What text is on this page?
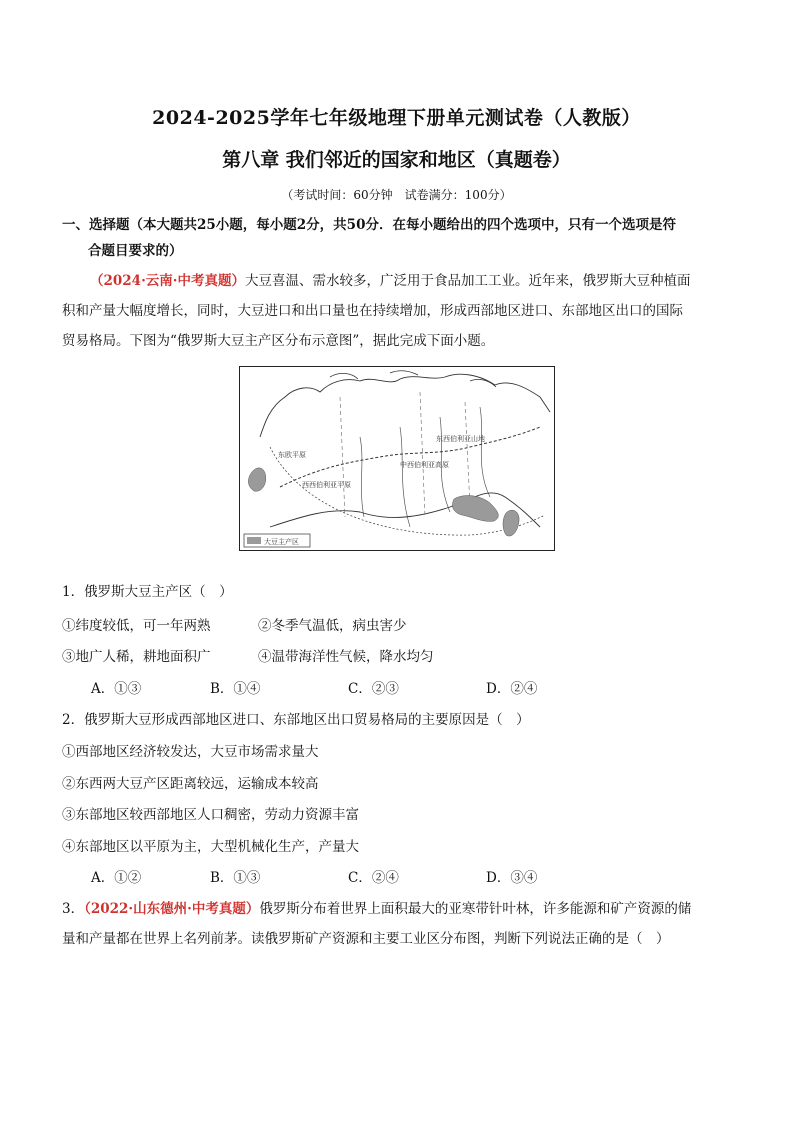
2024-2025学年七年级地理下册单元测试卷（人教版）
第八章 我们邻近的国家和地区（真题卷）
（考试时间：60分钟　试卷满分：100分）
一、选择题（本大题共25小题，每小题2分，共50分．在每小题给出的四个选项中，只有一个选项是符
合题目要求的）
（2024·云南·中考真题）大豆喜温、需水较多，广泛用于食品加工工业。近年来，俄罗斯大豆种植面
积和产量大幅度增长，同时，大豆进口和出口量也在持续增加，形成西部地区进口、东部地区出口的国际
贸易格局。下图为“俄罗斯大豆主产区分布示意图”，据此完成下面小题。
东欧平原
西西伯利亚平原
中西伯利亚高原
东西伯利亚山地
大豆主产区
1．俄罗斯大豆主产区（　）
①纬度较低，可一年两熟	②冬季气温低，病虫害少
③地广人稀，耕地面积广	④温带海洋性气候，降水均匀
A．①③	B．①④	C．②③	D．②④
2．俄罗斯大豆形成西部地区进口、东部地区出口贸易格局的主要原因是（　）
①西部地区经济较发达，大豆市场需求量大
②东西两大豆产区距离较远，运输成本较高
③东部地区较西部地区人口稠密，劳动力资源丰富
④东部地区以平原为主，大型机械化生产，产量大
A．①②	B．①③	C．②④	D．③④
3．（2022·山东德州·中考真题）俄罗斯分布着世界上面积最大的亚寒带针叶林，许多能源和矿产资源的储
量和产量都在世界上名列前茅。读俄罗斯矿产资源和主要工业区分布图，判断下列说法正确的是（　）
